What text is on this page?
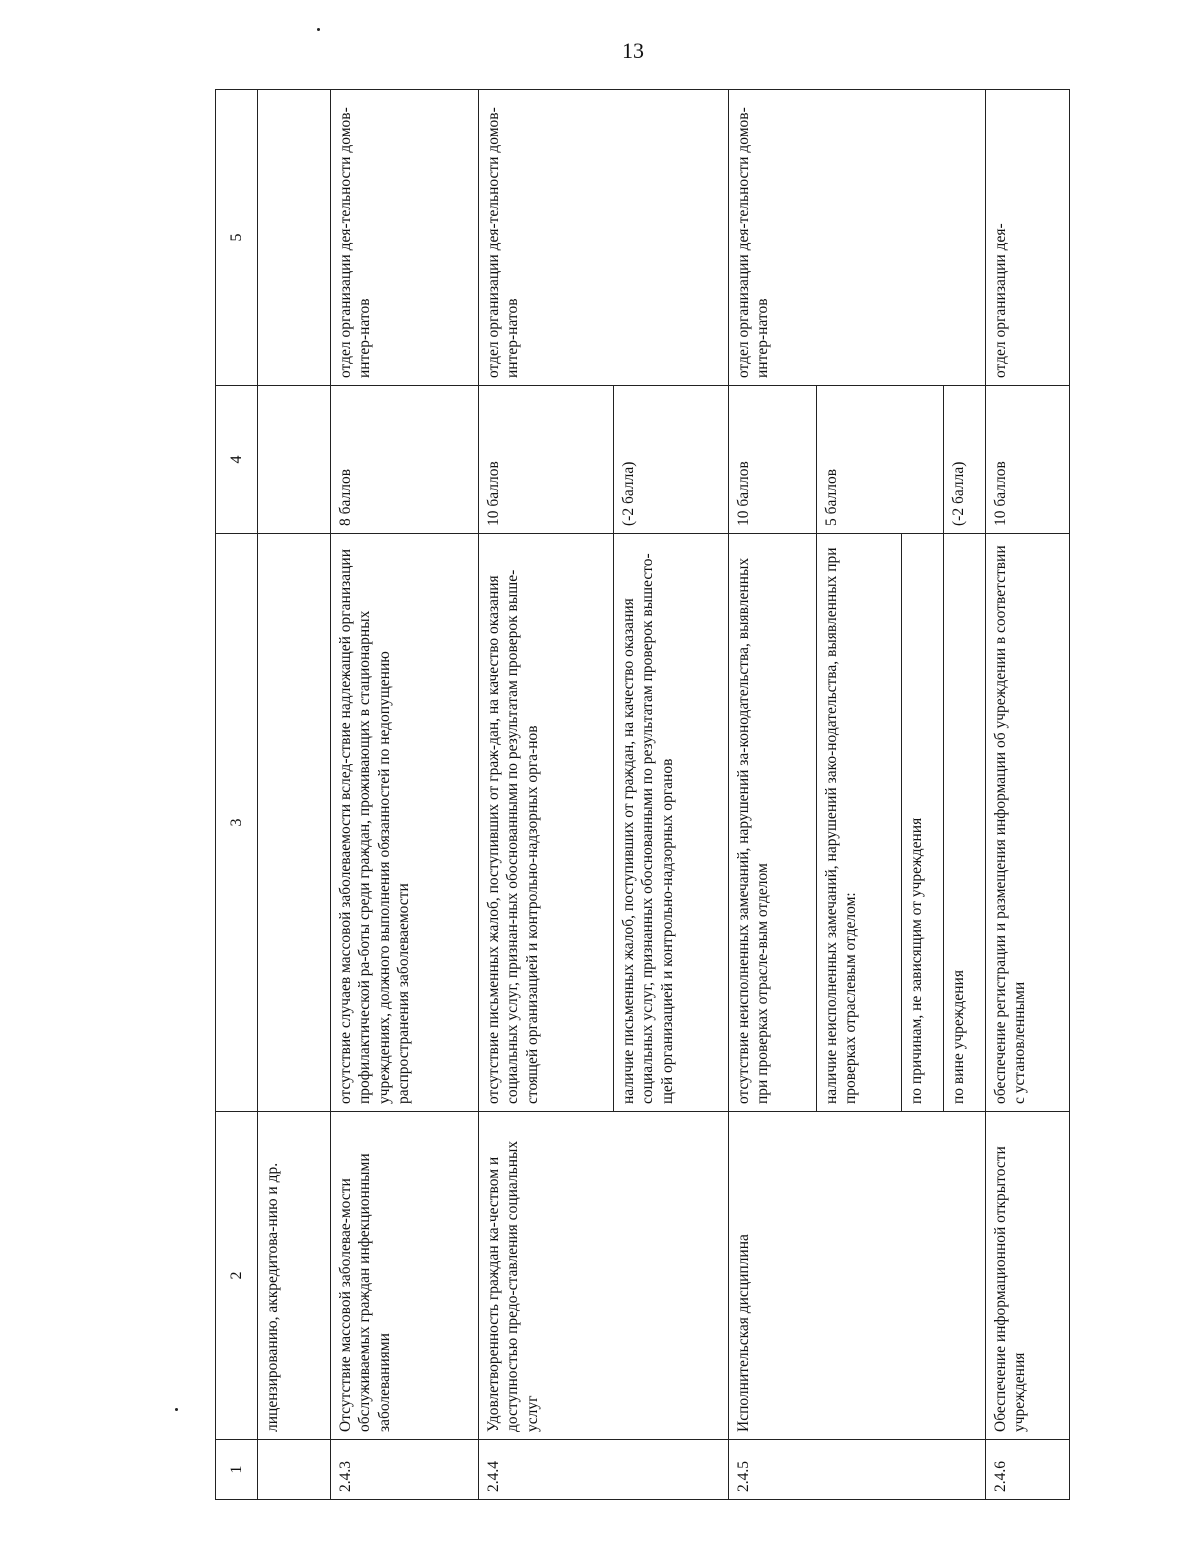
13
1	2	3	4	5
	лицензированию, аккредитова-нию и др.			
2.4.3	Отсутствие массовой заболевае-мости обслуживаемых граждан инфекционными заболеваниями	отсутствие случаев массовой заболеваемости вслед-ствие надлежащей организации профилактической ра-боты среди граждан, проживающих в стационарных учреждениях, должного выполнения обязанностей по недопущению распространения заболеваемости	8 баллов	отдел организации дея-тельности домов-интер-натов
2.4.4	Удовлетворенность граждан ка-чеством и доступностью предо-ставления социальных услуг	отсутствие письменных жалоб, поступивших от граж-дан, на качество оказания социальных услуг, признан-ных обоснованными по результатам проверок выше-стоящей организацией и контрольно-надзорных орга-нов	10 баллов	отдел организации дея-тельности домов-интер-натов
		наличие письменных жалоб, поступивших от граждан, на качество оказания социальных услуг, признанных обоснованными по результатам проверок вышесто-щей организацией и контрольно-надзорных органов	(-2 балла)	
2.4.5	Исполнительская дисциплина	отсутствие неисполненных замечаний, нарушений за-конодательства, выявленных при проверках отрасле-вым отделом	10 баллов	отдел организации дея-тельности домов-интер-натов
		наличие неисполненных замечаний, нарушений зако-нодательства, выявленных при проверках отраслевым отделом:	5 баллов	
		по причинам, не зависящим от учреждения		
		по вине учреждения	(-2 балла)	
2.4.6	Обеспечение информационной открытости учреждения	обеспечение регистрации и размещения информации об учреждении в соответствии с установленными	10 баллов	отдел организации дея-
